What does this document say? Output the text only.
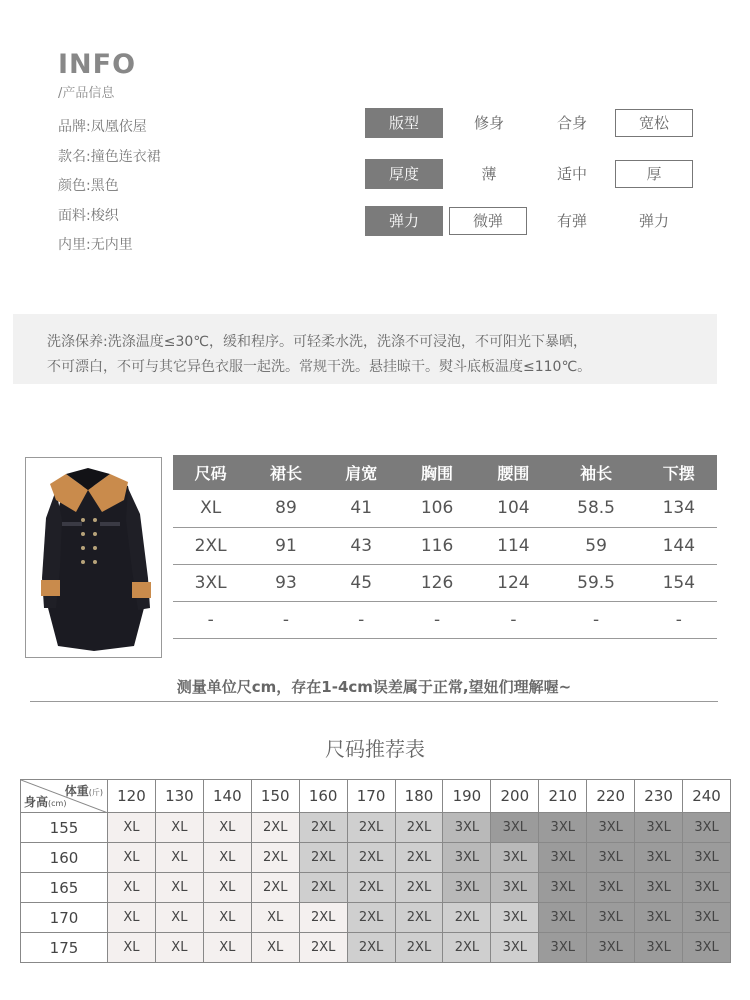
INFO
/产品信息
品牌:凤凰依屋
款名:撞色连衣裙
颜色:黑色
面料:梭织
内里:无内里
版型	修身	合身	宽松
厚度	薄	适中	厚
弹力	微弹	有弹	弹力
洗涤保养:洗涤温度≤30℃，缓和程序。可轻柔水洗，洗涤不可浸泡，不可阳光下暴晒，
不可漂白，不可与其它异色衣服一起洗。常规干洗。悬挂晾干。熨斗底板温度≤110℃。
尺码	裙长	肩宽	胸围	腰围	袖长	下摆
XL	89	41	106	104	58.5	134
2XL	91	43	116	114	59	144
3XL	93	45	126	124	59.5	154
-	-	-	-	-	-	-
测量单位尺cm，存在1-4cm误差属于正常,望妞们理解喔~
尺码推荐表
体重(斤)
身高(cm)	120	130	140	150	160	170	180	190	200	210	220	230	240
155	XL	XL	XL	2XL	2XL	2XL	2XL	3XL	3XL	3XL	3XL	3XL	3XL
160	XL	XL	XL	2XL	2XL	2XL	2XL	3XL	3XL	3XL	3XL	3XL	3XL
165	XL	XL	XL	2XL	2XL	2XL	2XL	3XL	3XL	3XL	3XL	3XL	3XL
170	XL	XL	XL	XL	2XL	2XL	2XL	2XL	3XL	3XL	3XL	3XL	3XL
175	XL	XL	XL	XL	2XL	2XL	2XL	2XL	3XL	3XL	3XL	3XL	3XL
